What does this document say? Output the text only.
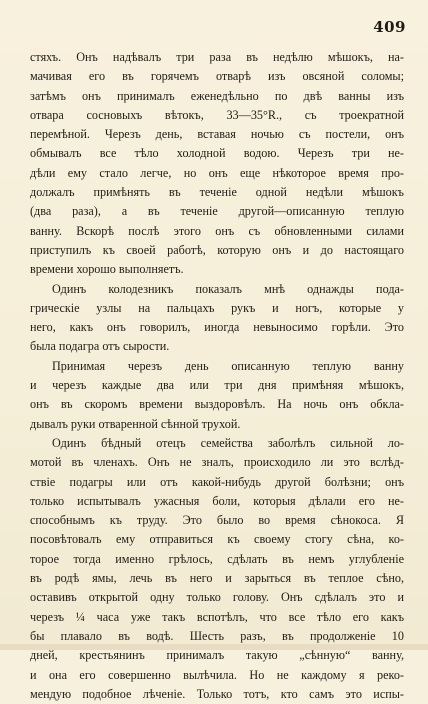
409
стяхъ. Онъ надѣвалъ три раза въ недѣлю мѣшокъ, на-
мачивая его въ горячемъ отварѣ изъ овсяной соломы;
затѣмъ онъ принималъ еженедѣльно по двѣ ванны изъ
отвара сосновыхъ вѣтокъ, 33—35°R., съ троекратной
перемѣной. Черезъ день, вставая ночью съ постели, онъ
обмывалъ все тѣло холодной водою. Черезъ три не-
дѣли ему стало легче, но онъ еще нѣкоторое время про-
должалъ примѣнять въ теченіе одной недѣли мѣшокъ
(два раза), а въ теченіе другой—описанную теплую
ванну. Вскорѣ послѣ этого онъ съ обновленными силами
приступилъ къ своей работѣ, которую онъ и до настоящаго
времени хорошо выполняетъ.
Одинъ колодезникъ показалъ мнѣ однажды пода-
грическіе узлы на пальцахъ рукъ и ногъ, которые у
него, какъ онъ говорилъ, иногда невыносимо горѣли. Это
была подагра отъ сырости.
Принимая черезъ день описанную теплую ванну
и черезъ каждые два или три дня примѣняя мѣшокъ,
онъ въ скоромъ времени выздоровѣлъ. На ночь онъ обкла-
дывалъ руки отваренной сѣнной трухой.
Одинъ бѣдный отецъ семейства заболѣлъ сильной ло-
мотой въ членахъ. Онъ не зналъ, происходило ли это вслѣд-
ствіе подагры или отъ какой-нибудь другой болѣзни; онъ
только испытывалъ ужасныя боли, которыя дѣлали его не-
способнымъ къ труду. Это было во время сѣнокоса. Я
посовѣтовалъ ему отправиться къ своему стогу сѣна, ко-
торое тогда именно грѣлось, сдѣлать въ немъ углубленіе
въ родѣ ямы, лечь въ него и зарыться въ теплое сѣно,
оставивъ открытой одну только голову. Онъ сдѣлалъ это и
черезъ ¼ часа уже такъ вспотѣлъ, что все тѣло его какъ
бы плавало въ водѣ. Шесть разъ, въ продолженіе 10
дней, крестьянинъ принималъ такую „сѣнную“ ванну,
и она его совершенно вылѣчила. Но не каждому я реко-
мендую подобное лѣченіе. Только тотъ, кто самъ это испы-
